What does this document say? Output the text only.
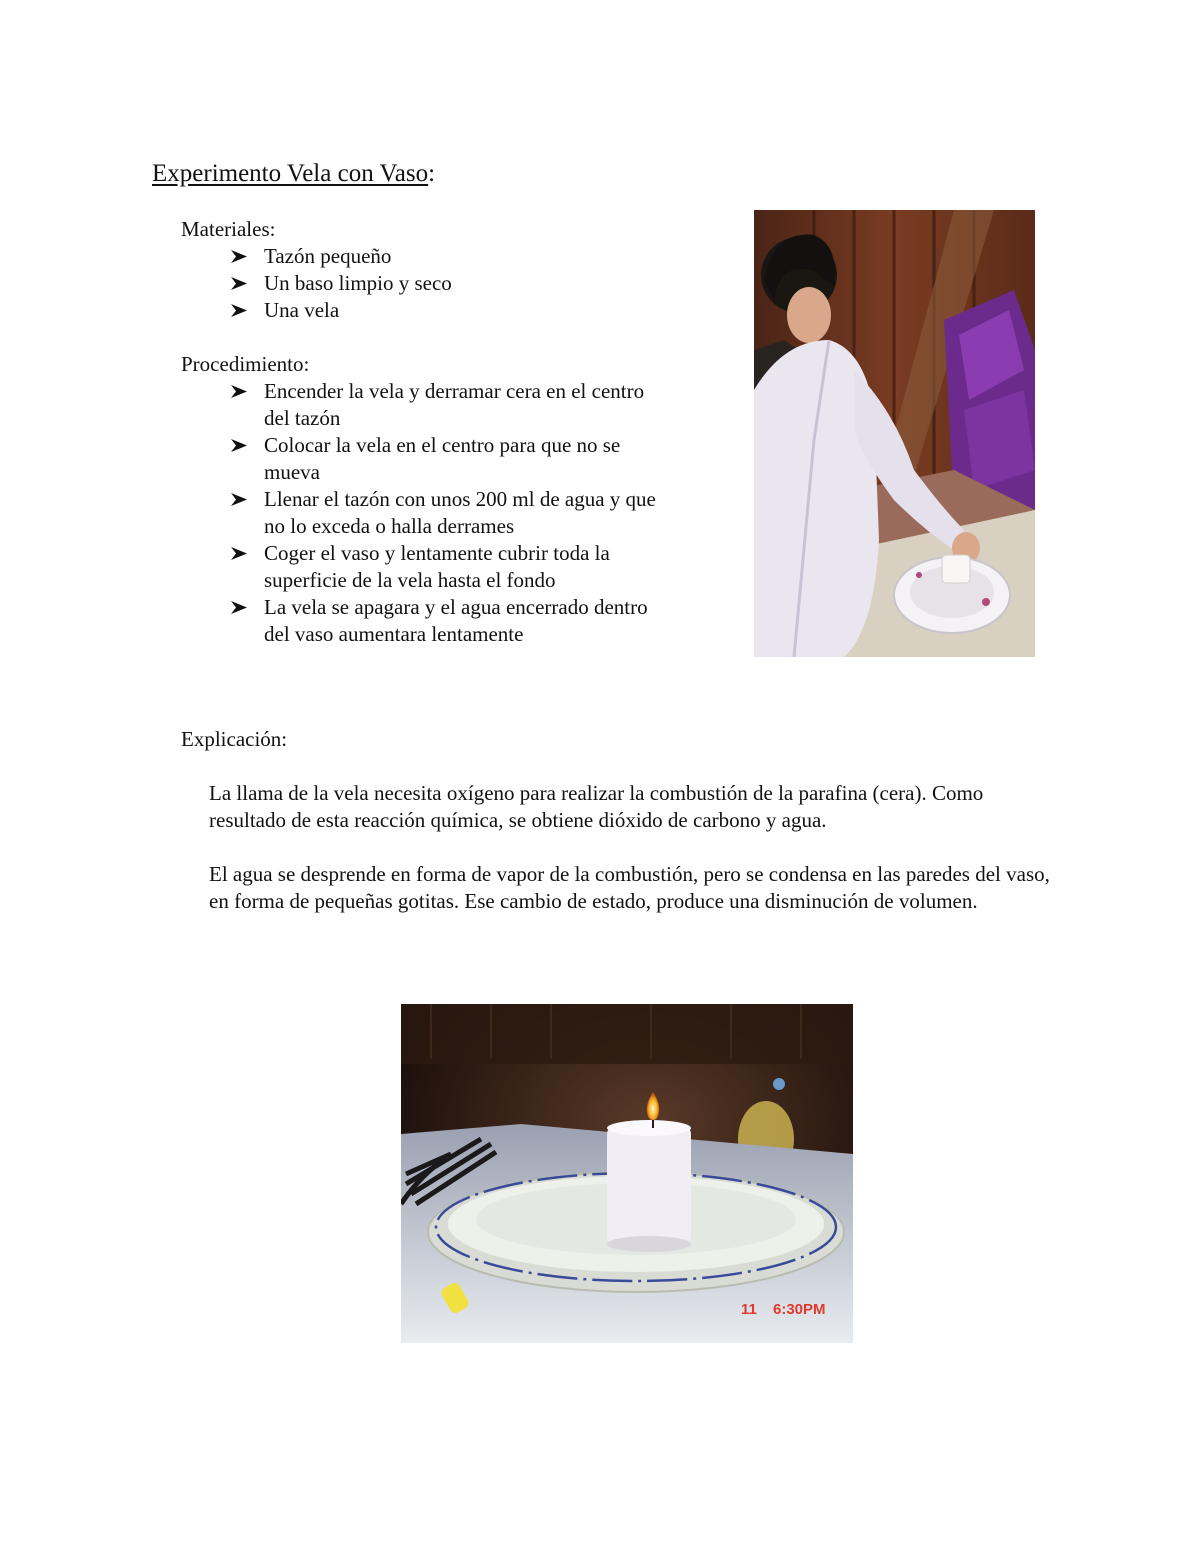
Experimento Vela con Vaso:
Materiales:
Tazón pequeño
Un baso limpio y seco
Una vela
Procedimiento:
Encender la vela y derramar cera en el centro del tazón
Colocar la vela en el centro para que no se mueva
Llenar el tazón con unos 200 ml de agua y que no lo exceda o halla derrames
Coger el vaso y lentamente cubrir toda la superficie de la vela hasta el fondo
La vela se apagara y el agua encerrado dentro del vaso aumentara lentamente
Explicación:

La llama de la vela necesita oxígeno para realizar la combustión de la parafina (cera). Como resultado de esta reacción química, se obtiene dióxido de carbono y agua.

El agua se desprende en forma de vapor de la combustión, pero se condensa en las paredes del vaso, en forma de pequeñas gotitas. Ese cambio de estado, produce una disminución de volumen.

11 6:30PM
